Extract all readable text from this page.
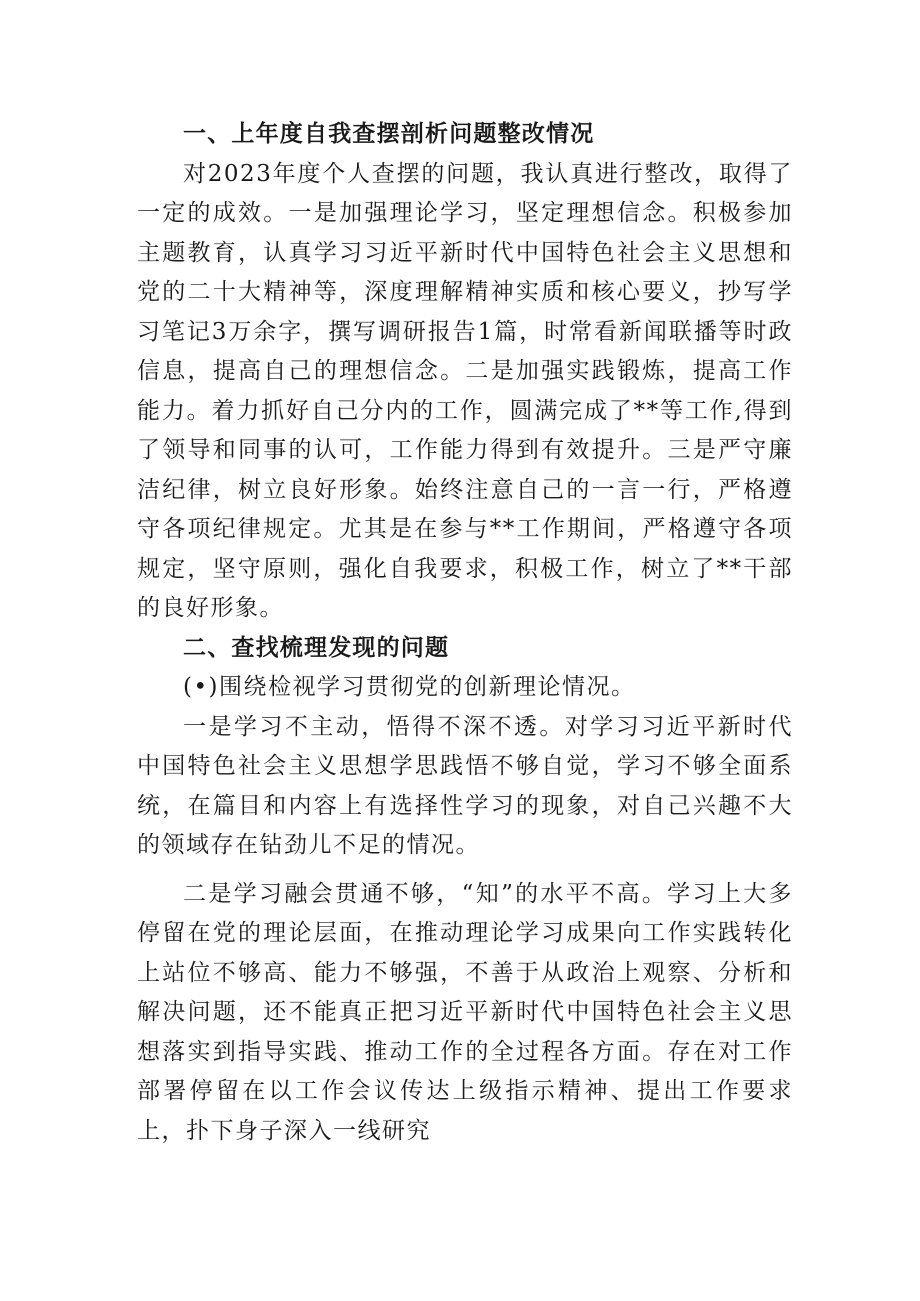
一、上年度自我查摆剖析问题整改情况

对2023年度个人查摆的问题，我认真进行整改，取得了一定的成效。一是加强理论学习，坚定理想信念。积极参加主题教育，认真学习习近平新时代中国特色社会主义思想和党的二十大精神等，深度理解精神实质和核心要义，抄写学习笔记3万余字，撰写调研报告1篇，时常看新闻联播等时政信息，提高自己的理想信念。二是加强实践锻炼，提高工作能力。着力抓好自己分内的工作，圆满完成了**等工作,得到了领导和同事的认可，工作能力得到有效提升。三是严守廉洁纪律，树立良好形象。始终注意自己的一言一行，严格遵守各项纪律规定。尤其是在参与**工作期间，严格遵守各项规定，坚守原则，强化自我要求，积极工作，树立了**干部的良好形象。

二、查找梳理发现的问题

(•)围绕检视学习贯彻党的创新理论情况。

一是学习不主动，悟得不深不透。对学习习近平新时代中国特色社会主义思想学思践悟不够自觉，学习不够全面系统，在篇目和内容上有选择性学习的现象，对自己兴趣不大的领域存在钻劲儿不足的情况。

二是学习融会贯通不够，“知”的水平不高。学习上大多停留在党的理论层面，在推动理论学习成果向工作实践转化上站位不够高、能力不够强，不善于从政治上观察、分析和解决问题，还不能真正把习近平新时代中国特色社会主义思想落实到指导实践、推动工作的全过程各方面。存在对工作部署停留在以工作会议传达上级指示精神、提出工作要求上，扑下身子深入一线研究
